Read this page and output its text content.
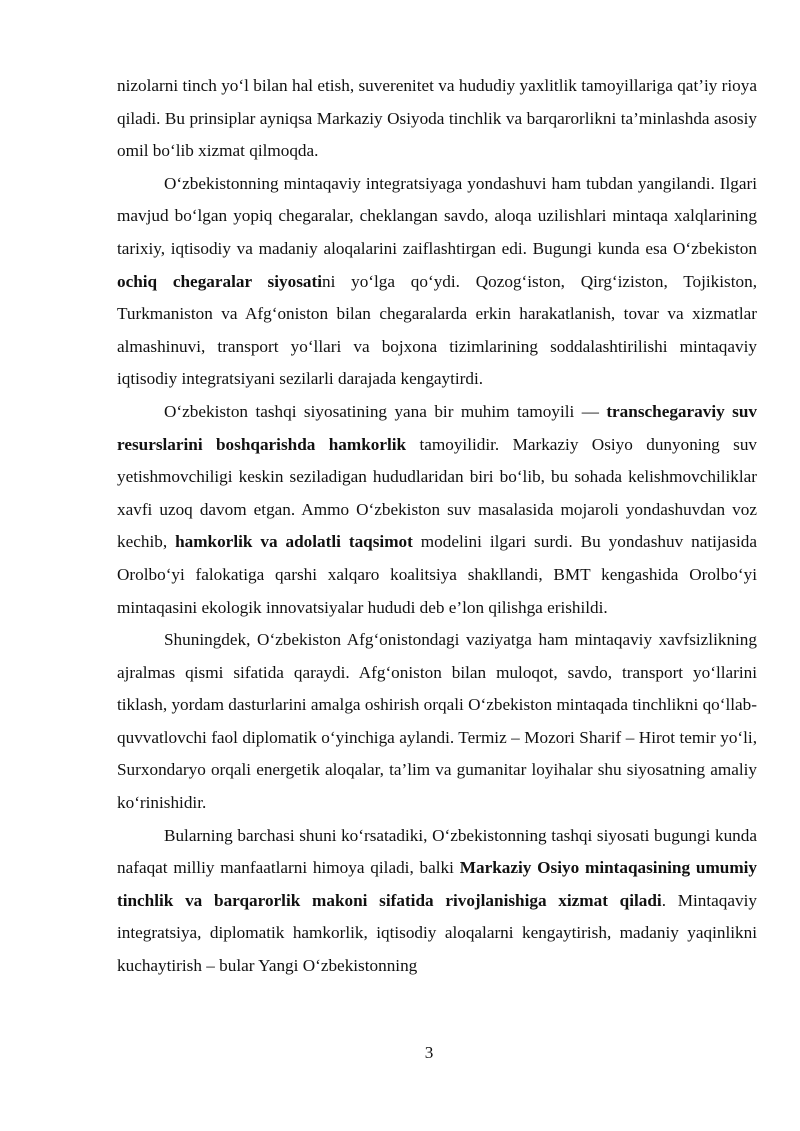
nizolarni tinch yo‘l bilan hal etish, suverenitet va hududiy yaxlitlik tamoyillariga qat’iy rioya qiladi. Bu prinsiplar ayniqsa Markaziy Osiyoda tinchlik va barqarorlikni ta’minlashda asosiy omil bo‘lib xizmat qilmoqda.

O‘zbekistonning mintaqaviy integratsiyaga yondashuvi ham tubdan yangilandi. Ilgari mavjud bo‘lgan yopiq chegaralar, cheklangan savdo, aloqa uzilishlari mintaqa xalqlarining tarixiy, iqtisodiy va madaniy aloqalarini zaiflashtirgan edi. Bugungi kunda esa O‘zbekiston ochiq chegaralar siyosatini yo‘lga qo‘ydi. Qozog‘iston, Qirg‘iziston, Tojikiston, Turkmaniston va Afg‘oniston bilan chegaralarda erkin harakatlanish, tovar va xizmatlar almashinuvi, transport yo‘llari va bojxona tizimlarining soddalashtirilishi mintaqaviy iqtisodiy integratsiyani sezilarli darajada kengaytirdi.

O‘zbekiston tashqi siyosatining yana bir muhim tamoyili — transchegaraviy suv resurslarini boshqarishda hamkorlik tamoyilidir. Markaziy Osiyo dunyoning suv yetishmovchiligi keskin seziladigan hududlaridan biri bo‘lib, bu sohada kelishmovchiliklar xavfi uzoq davom etgan. Ammo O‘zbekiston suv masalasida mojaroli yondashuvdan voz kechib, hamkorlik va adolatli taqsimot modelini ilgari surdi. Bu yondashuv natijasida Orolbo‘yi falokatiga qarshi xalqaro koalitsiya shakllandi, BMT kengashida Orolbo‘yi mintaqasini ekologik innovatsiyalar hududi deb e’lon qilishga erishildi.

Shuningdek, O‘zbekiston Afg‘onistondagi vaziyatga ham mintaqaviy xavfsizlikning ajralmas qismi sifatida qaraydi. Afg‘oniston bilan muloqot, savdo, transport yo‘llarini tiklash, yordam dasturlarini amalga oshirish orqali O‘zbekiston mintaqada tinchlikni qo‘llab-quvvatlovchi faol diplomatik o‘yinchiga aylandi. Termiz – Mozori Sharif – Hirot temir yo‘li, Surxondaryo orqali energetik aloqalar, ta’lim va gumanitar loyihalar shu siyosatning amaliy ko‘rinishidir.

Bularning barchasi shuni ko‘rsatadiki, O‘zbekistonning tashqi siyosati bugungi kunda nafaqat milliy manfaatlarni himoya qiladi, balki Markaziy Osiyo mintaqasining umumiy tinchlik va barqarorlik makoni sifatida rivojlanishiga xizmat qiladi. Mintaqaviy integratsiya, diplomatik hamkorlik, iqtisodiy aloqalarni kengaytirish, madaniy yaqinlikni kuchaytirish – bular Yangi O‘zbekistonning

3
